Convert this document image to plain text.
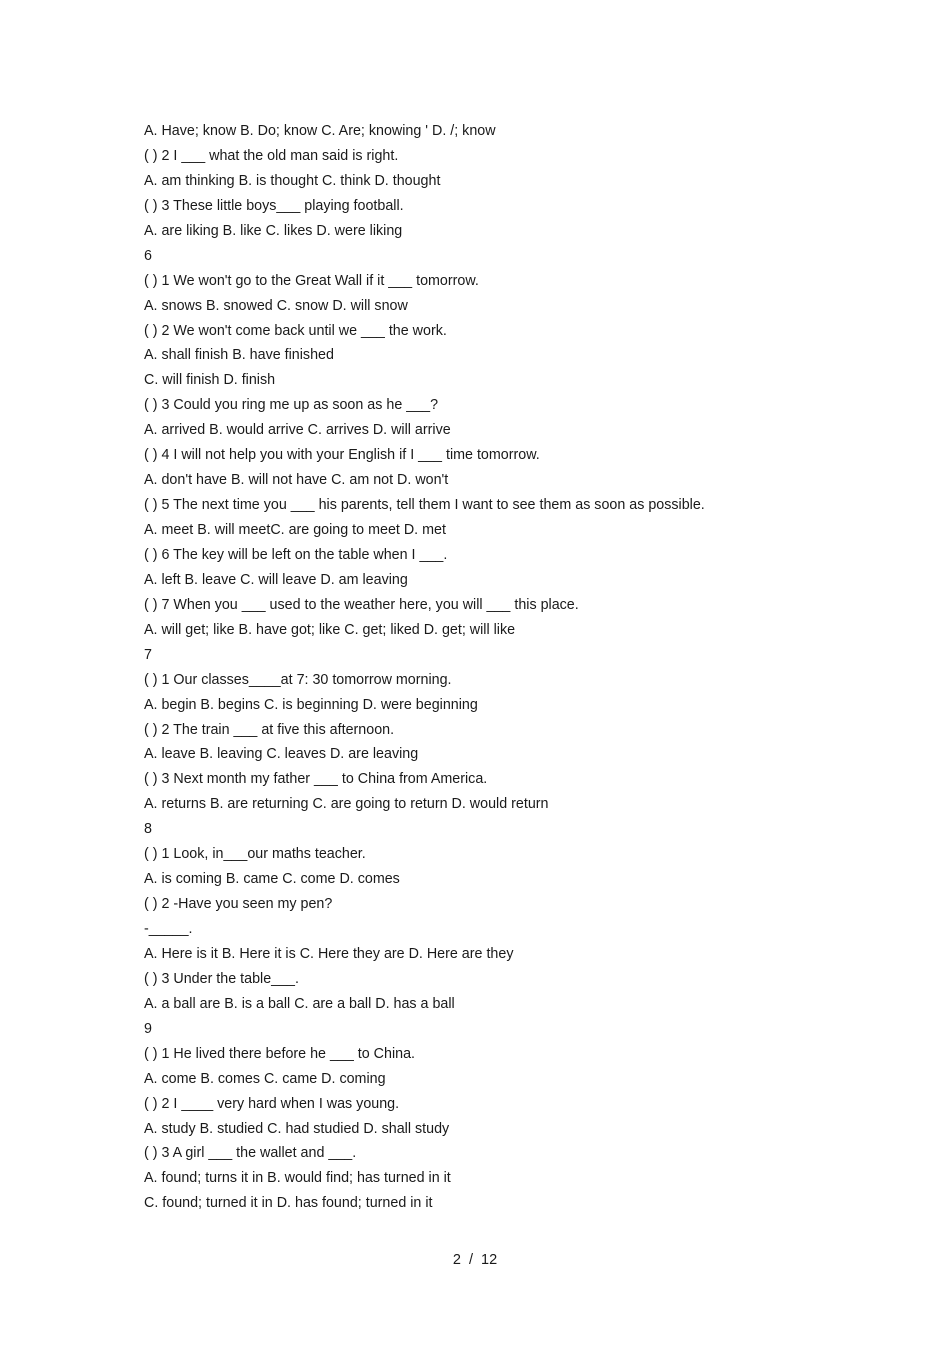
A. Have; know B. Do; know C. Are; knowing ' D. /; know
( ) 2 I ___ what the old man said is right.
A. am thinking B. is thought C. think D. thought
( ) 3 These little boys___ playing football.
A. are liking B. like C. likes D. were liking
6
( ) 1 We won't go to the Great Wall if it ___ tomorrow.
A. snows B. snowed C. snow D. will snow
( ) 2 We won't come back until we ___ the work.
A. shall finish B. have finished
C. will finish D. finish
( ) 3 Could you ring me up as soon as he ___?
A. arrived B. would arrive C. arrives D. will arrive
( ) 4 I will not help you with your English if I ___ time tomorrow.
A. don't have B. will not have C. am not D. won't
( ) 5 The next time you ___ his parents, tell them I want to see them as soon as possible.
A. meet B. will meetC. are going to meet D. met
( ) 6 The key will be left on the table when I ___.
A. left B. leave C. will leave D. am leaving
( ) 7 When you ___ used to the weather here, you will ___ this place.
A. will get; like B. have got; like C. get; liked D. get; will like
7
( ) 1 Our classes____at 7: 30 tomorrow morning.
A. begin B. begins C. is beginning D. were beginning
( ) 2 The train ___ at five this afternoon.
A. leave B. leaving C. leaves D. are leaving
( ) 3 Next month my father ___ to China from America.
A. returns B. are returning C. are going to return D. would return
8
( ) 1 Look, in___our maths teacher.
A. is coming B. came C. come D. comes
( ) 2 -Have you seen my pen?
-_____.
A. Here is it B. Here it is C. Here they are D. Here are they
( ) 3 Under the table___.
A. a ball are B. is a ball C. are a ball D. has a ball
9
( ) 1 He lived there before he ___ to China.
A. come B. comes C. came D. coming
( ) 2 I ____ very hard when I was young.
A. study B. studied C. had studied D. shall study
( ) 3 A girl ___ the wallet and ___.
A. found; turns it in B. would find; has turned in it
C. found; turned it in D. has found; turned in it
2  /  12
